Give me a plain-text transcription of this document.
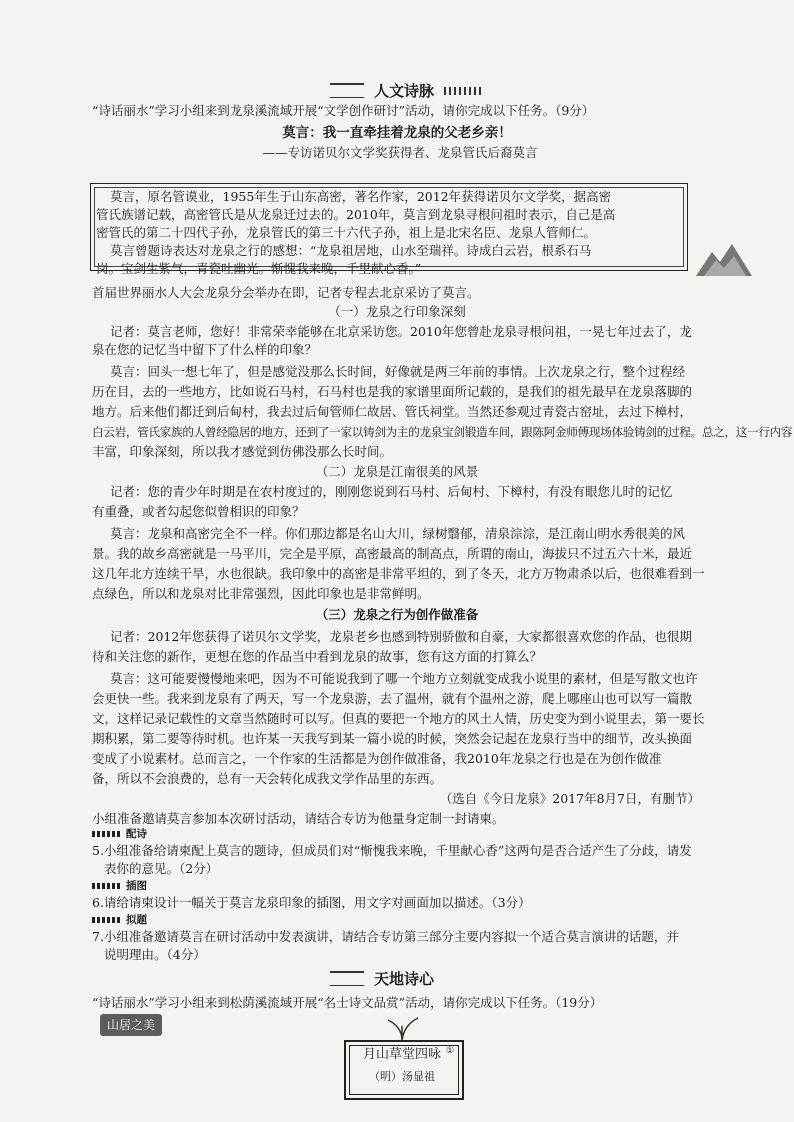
人文诗脉
“诗话丽水”学习小组来到龙泉溪流域开展“文学创作研讨”活动，请你完成以下任务。（9分）
莫言：我一直牵挂着龙泉的父老乡亲！
——专访诺贝尔文学奖获得者、龙泉管氏后裔莫言
莫言，原名管谟业，1955年生于山东高密，著名作家，2012年获得诺贝尔文学奖，据高密
管氏族谱记载，高密管氏是从龙泉迁过去的。2010年，莫言到龙泉寻根问祖时表示，自己是高
密管氏的第二十四代子孙，龙泉管氏的第三十六代子孙，祖上是北宋名臣、龙泉人管师仁。
莫言曾题诗表达对龙泉之行的感想：“龙泉祖居地，山水至瑞祥。诗成白云岩，根系石马
岗。宝剑生紫气，青瓷吐幽光。惭愧我来晚，千里献心香。”
首届世界丽水人大会龙泉分会举办在即，记者专程去北京采访了莫言。
（一）龙泉之行印象深刻
记者：莫言老师，您好！非常荣幸能够在北京采访您。2010年您曾赴龙泉寻根问祖，一晃七年过去了，龙
泉在您的记忆当中留下了什么样的印象？
莫言：回头一想七年了，但是感觉没那么长时间，好像就是两三年前的事情。上次龙泉之行，整个过程经
历在目，去的一些地方，比如说石马村，石马村也是我的家谱里面所记载的，是我们的祖先最早在龙泉落脚的
地方。后来他们都迁到后甸村，我去过后甸管师仁故居、管氏祠堂。当然还参观过青瓷古窑址，去过下樟村，
白云岩，管氏家族的人曾经隐居的地方，还到了一家以铸剑为主的龙泉宝剑锻造车间，跟陈阿金师傅现场体验铸剑的过程。总之，这一行内容
丰富，印象深刻，所以我才感觉到仿佛没那么长时间。
（二）龙泉是江南很美的风景
记者：您的青少年时期是在农村度过的，刚刚您说到石马村、后甸村、下樟村，有没有眼您儿时的记忆
有重叠，或者勾起您似曾相识的印象？
莫言：龙泉和高密完全不一样。你们那边都是名山大川，绿树翳郁，清泉淙淙，是江南山明水秀很美的风
景。我的故乡高密就是一马平川，完全是平原，高密最高的制高点，所谓的南山，海拔只不过五六十米，最近
这几年北方连续干旱，水也很缺。我印象中的高密是非常平坦的，到了冬天，北方万物肃杀以后，也很难看到一
点绿色，所以和龙泉对比非常强烈，因此印象也是非常鲜明。
（三）龙泉之行为创作做准备
记者：2012年您获得了诺贝尔文学奖，龙泉老乡也感到特别骄傲和自豪，大家都很喜欢您的作品，也很期
待和关注您的新作，更想在您的作品当中看到龙泉的故事，您有这方面的打算么？
莫言：这可能要慢慢地来吧，因为不可能说我到了哪一个地方立刻就变成我小说里的素材，但是写散文也许
会更快一些。我来到龙泉有了两天，写一个龙泉游，去了温州，就有个温州之游，爬上哪座山也可以写一篇散
文，这样记录记载性的文章当然随时可以写。但真的要把一个地方的风土人情，历史变为到小说里去，第一要长
期积累，第二要等待时机。也许某一天我写到某一篇小说的时候，突然会记起在龙泉行当中的细节，改头换面
变成了小说素材。总而言之，一个作家的生活都是为创作做准备，我2010年龙泉之行也是在为创作做准
备，所以不会浪费的，总有一天会转化成我文学作品里的东西。
（选自《今日龙泉》2017年8月7日，有删节）
小组准备邀请莫言参加本次研讨活动，请结合专访为他量身定制一封请柬。
配诗
5.小组准备给请柬配上莫言的题诗，但成员们对“惭愧我来晚，千里献心香”这两句是否合适产生了分歧，请发
表你的意见。（2分）
插图
6.请给请柬设计一幅关于莫言龙泉印象的插图，用文字对画面加以描述。（3分）
拟题
天地诗心
“诗话丽水”学习小组来到松荫溪流域开展“名士诗文品赏”活动，请你完成以下任务。（19分）
山居之美
月山草堂四咏 ①
（明）汤显祖
7.小组准备邀请莫言在研讨活动中发表演讲，请结合专访第三部分主要内容拟一个适合莫言演讲的话题，并
说明理由。（4分）
